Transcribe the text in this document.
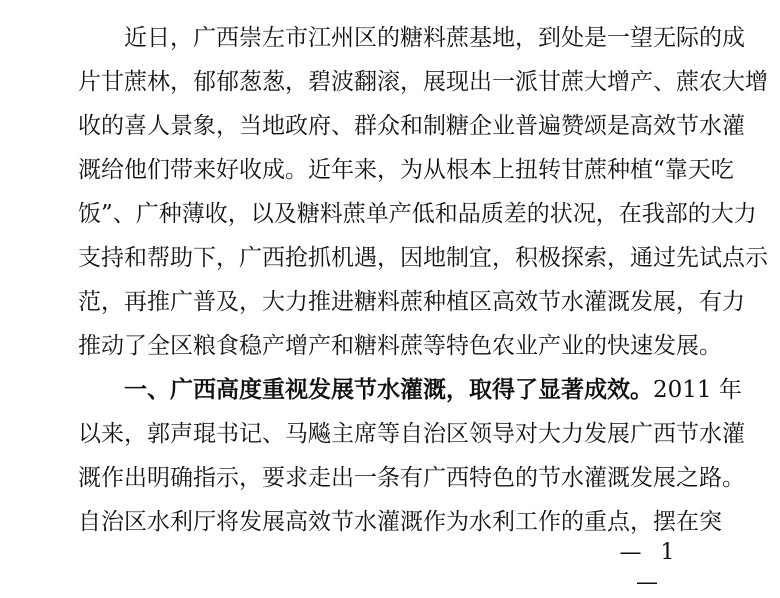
近日，广西崇左市江州区的糖料蔗基地，到处是一望无际的成
片甘蔗林，郁郁葱葱，碧波翻滚，展现出一派甘蔗大增产、蔗农大增
收的喜人景象，当地政府、群众和制糖企业普遍赞颂是高效节水灌
溉给他们带来好收成。近年来，为从根本上扭转甘蔗种植“靠天吃
饭”、广种薄收，以及糖料蔗单产低和品质差的状况，在我部的大力
支持和帮助下，广西抢抓机遇，因地制宜，积极探索，通过先试点示
范，再推广普及，大力推进糖料蔗种植区高效节水灌溉发展，有力
推动了全区粮食稳产增产和糖料蔗等特色农业产业的快速发展。
一、广西高度重视发展节水灌溉，取得了显著成效。2011 年
以来，郭声琨书记、马飚主席等自治区领导对大力发展广西节水灌
溉作出明确指示，要求走出一条有广西特色的节水灌溉发展之路。
自治区水利厅将发展高效节水灌溉作为水利工作的重点，摆在突
— 1 —
